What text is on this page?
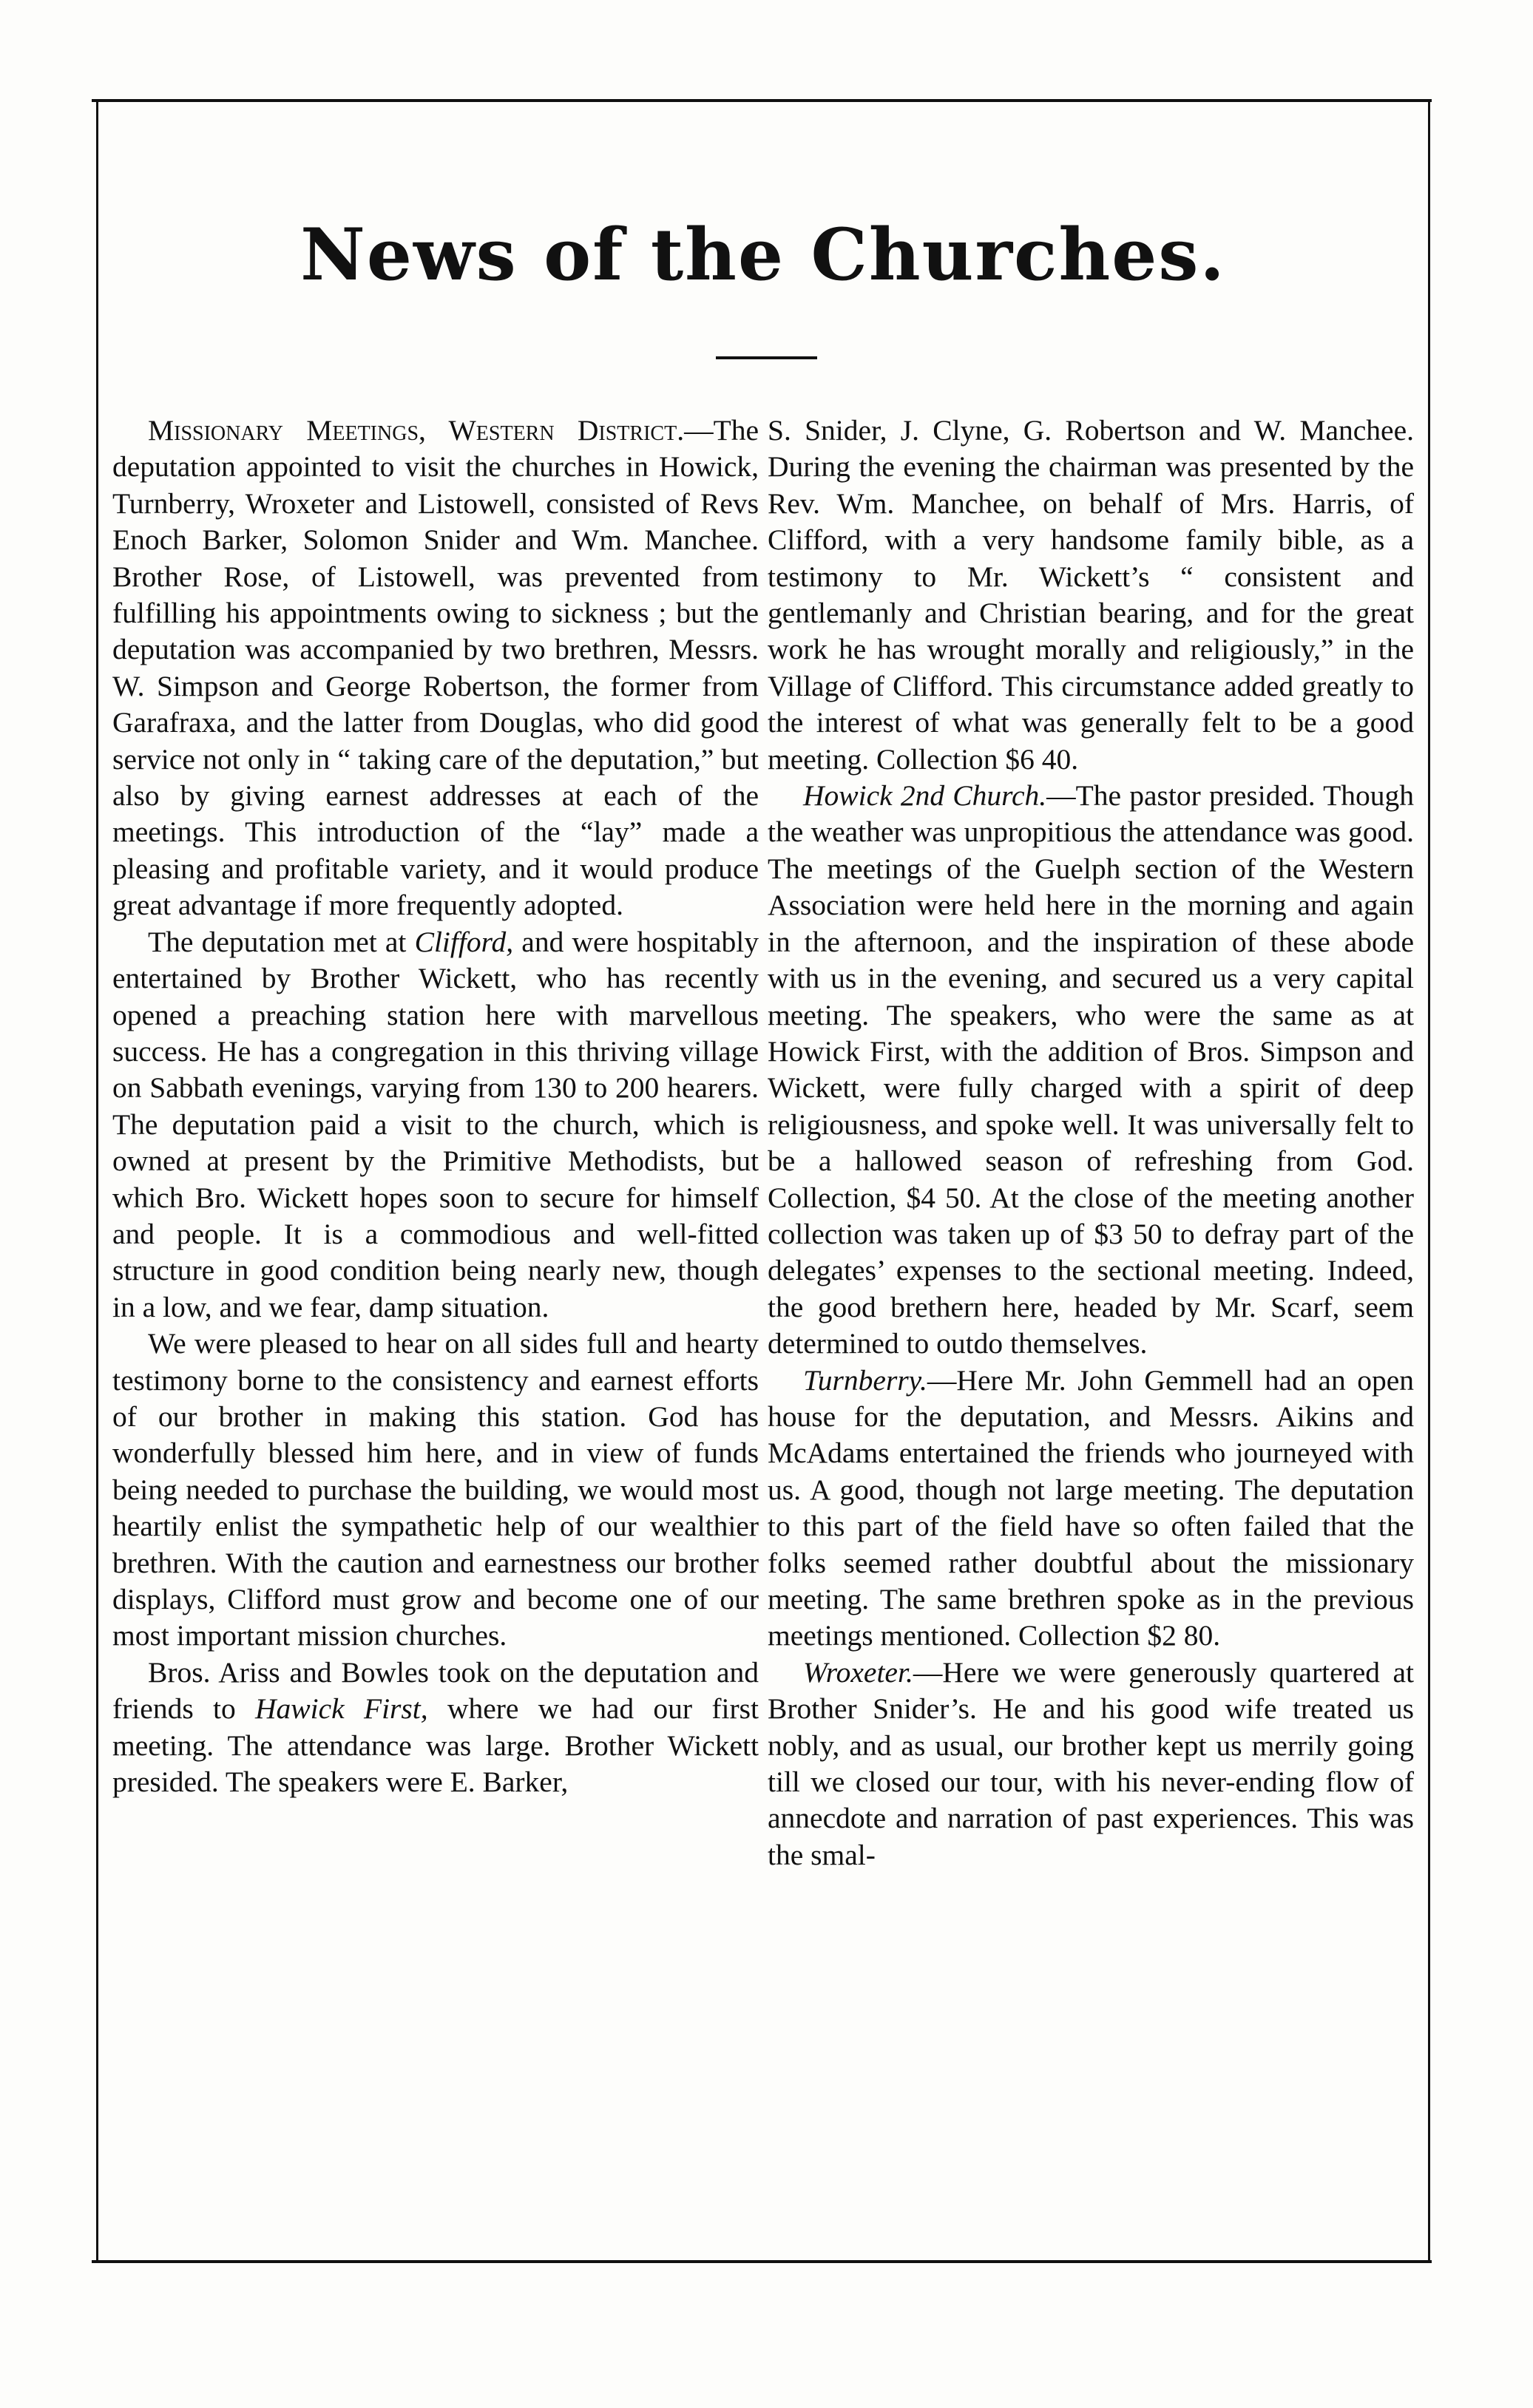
News of the Churches.

Missionary Meetings, Western District.—The deputation appointed to visit the churches in Howick, Turnberry, Wroxeter and Listowell, consisted of Revs Enoch Barker, Solomon Snider and Wm. Manchee. Brother Rose, of Listowell, was prevented from fulfilling his appointments owing to sickness ; but the deputation was accompanied by two brethren, Messrs. W. Simpson and George Robertson, the former from Garafraxa, and the latter from Douglas, who did good service not only in “ taking care of the deputation,” but also by giving earnest addresses at each of the meetings. This introduction of the “lay” made a pleasing and profitable variety, and it would produce great advantage if more frequently adopted.

The deputation met at Clifford, and were hospitably entertained by Brother Wickett, who has recently opened a preaching station here with marvellous success. He has a congregation in this thriving village on Sabbath evenings, varying from 130 to 200 hearers. The deputation paid a visit to the church, which is owned at present by the Primitive Methodists, but which Bro. Wickett hopes soon to secure for himself and people. It is a commodious and well-fitted structure in good condition being nearly new, though in a low, and we fear, damp situation.

We were pleased to hear on all sides full and hearty testimony borne to the consistency and earnest efforts of our brother in making this station. God has wonderfully blessed him here, and in view of funds being needed to purchase the building, we would most heartily enlist the sympathetic help of our wealthier brethren. With the caution and earnestness our brother displays, Clifford must grow and become one of our most important mission churches.

Bros. Ariss and Bowles took on the deputation and friends to Hawick First, where we had our first meeting. The attendance was large. Brother Wickett presided. The speakers were E. Barker,

S. Snider, J. Clyne, G. Robertson and W. Manchee. During the evening the chairman was presented by the Rev. Wm. Manchee, on behalf of Mrs. Harris, of Clifford, with a very handsome family bible, as a testimony to Mr. Wickett’s “ consistent and gentlemanly and Christian bearing, and for the great work he has wrought morally and religiously,” in the Village of Clifford. This circumstance added greatly to the interest of what was generally felt to be a good meeting. Collection $6 40.

Howick 2nd Church.—The pastor presided. Though the weather was unpropitious the attendance was good. The meetings of the Guelph section of the Western Association were held here in the morning and again in the afternoon, and the inspiration of these abode with us in the evening, and secured us a very capital meeting. The speakers, who were the same as at Howick First, with the addition of Bros. Simpson and Wickett, were fully charged with a spirit of deep religiousness, and spoke well. It was universally felt to be a hallowed season of refreshing from God. Collection, $4 50. At the close of the meeting another collection was taken up of $3 50 to defray part of the delegates’ expenses to the sectional meeting. Indeed, the good brethern here, headed by Mr. Scarf, seem determined to outdo themselves.

Turnberry.—Here Mr. John Gemmell had an open house for the deputation, and Messrs. Aikins and McAdams entertained the friends who journeyed with us. A good, though not large meeting. The deputation to this part of the field have so often failed that the folks seemed rather doubtful about the missionary meeting. The same brethren spoke as in the previous meetings mentioned. Collection $2 80.

Wroxeter.—Here we were generously quartered at Brother Snider’s. He and his good wife treated us nobly, and as usual, our brother kept us merrily going till we closed our tour, with his never-ending flow of annecdote and narration of past experiences. This was the smal-
